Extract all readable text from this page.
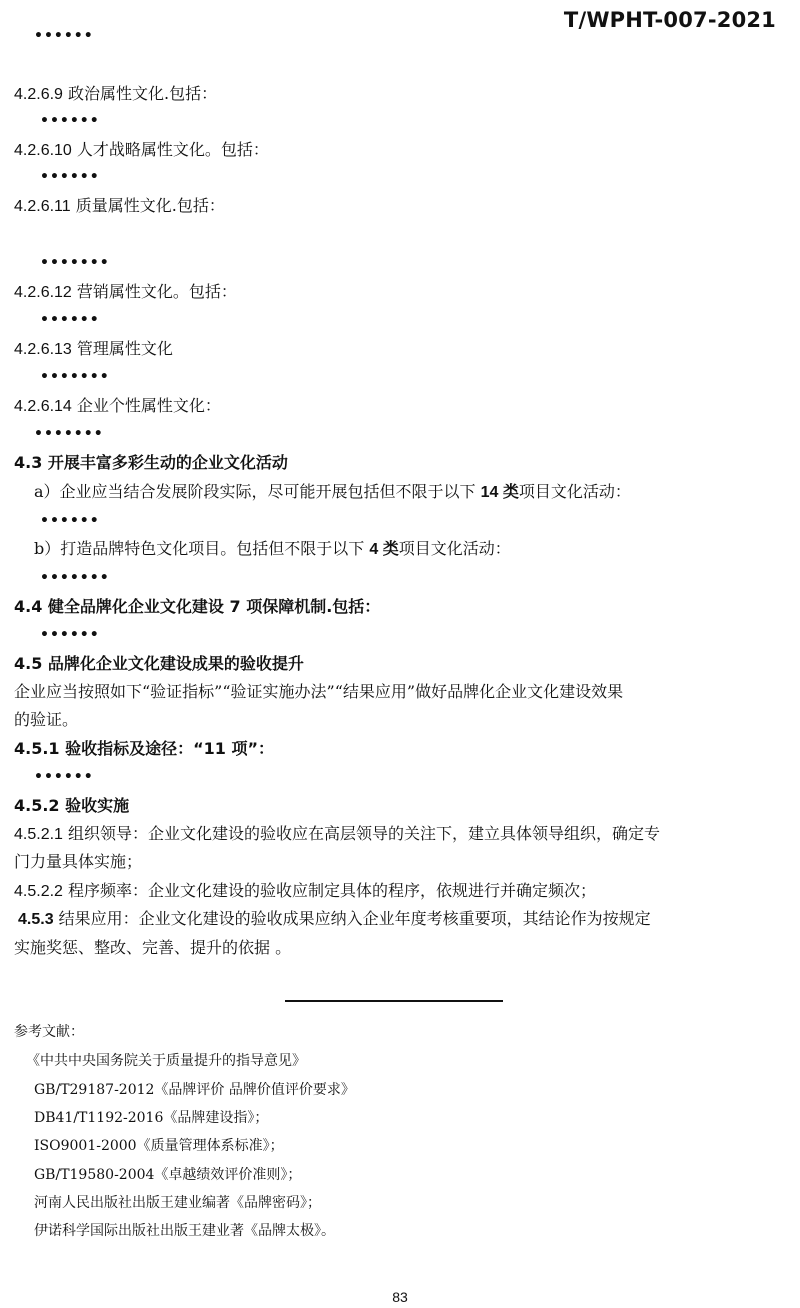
T/WPHT-007-2021
••••••
4.2.6.9 政治属性文化.包括：
••••••
4.2.6.10 人才战略属性文化。包括：
••••••
4.2.6.11 质量属性文化.包括：
•••••••
4.2.6.12 营销属性文化。包括：
••••••
4.2.6.13 管理属性文化
•••••••
4.2.6.14 企业个性属性文化：
•••••••
4.3 开展丰富多彩生动的企业文化活动
a）企业应当结合发展阶段实际，尽可能开展包括但不限于以下 14 类项目文化活动：
••••••
b）打造品牌特色文化项目。包括但不限于以下 4 类项目文化活动：
•••••••
4.4 健全品牌化企业文化建设 7 项保障机制.包括：
••••••
4.5 品牌化企业文化建设成果的验收提升
企业应当按照如下“验证指标”“验证实施办法”“结果应用”做好品牌化企业文化建设效果
的验证。
4.5.1 验收指标及途径：“11 项”：
••••••
4.5.2 验收实施
4.5.2.1 组织领导：企业文化建设的验收应在高层领导的关注下，建立具体领导组织，确定专
门力量具体实施；
4.5.2.2 程序频率：企业文化建设的验收应制定具体的程序，依规进行并确定频次；
4.5.3 结果应用：企业文化建设的验收成果应纳入企业年度考核重要项，其结论作为按规定
实施奖惩、整改、完善、提升的依据 。
参考文献：
《中共中央国务院关于质量提升的指导意见》
GB/T29187-2012《品牌评价 品牌价值评价要求》
DB41/T1192-2016《品牌建设指》；
ISO9001-2000《质量管理体系标准》；
GB/T19580-2004《卓越绩效评价准则》；
河南人民出版社出版王建业编著《品牌密码》；
伊诺科学国际出版社出版王建业著《品牌太极》。
83
